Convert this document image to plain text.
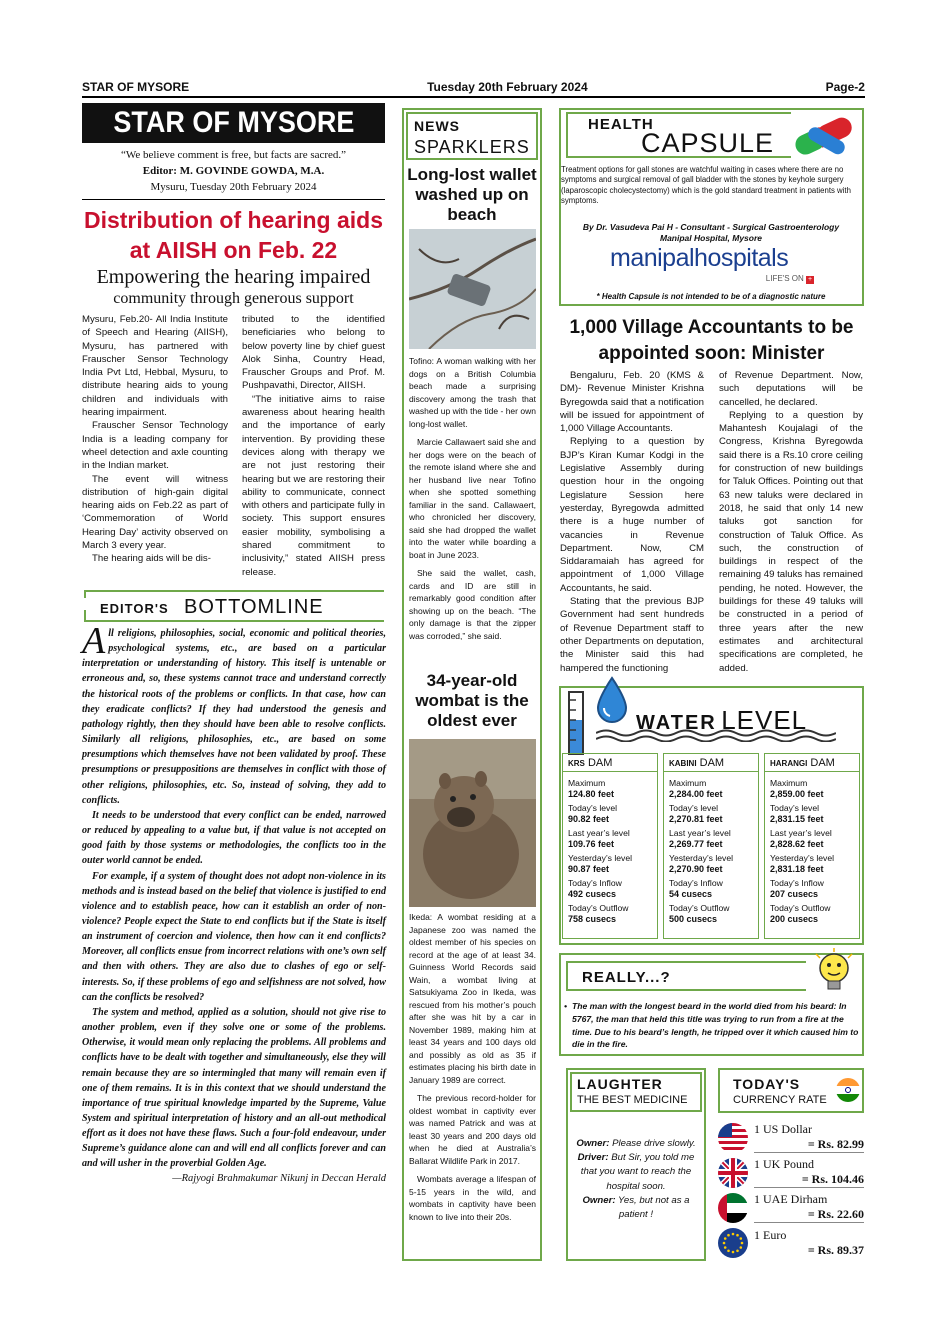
STAR OF MYSORE	Tuesday 20th February 2024	Page-2
STAR OF MYSORE
“We believe comment is free, but facts are sacred.”
Editor: M. GOVINDE GOWDA, M.A.
Mysuru, Tuesday 20th February 2024
Distribution of hearing aids
at AIISH on Feb. 22
Empowering the hearing impaired
community through generous support

Mysuru, Feb.20- All India Institute of Speech and Hearing (AIISH), Mysuru, has partnered with Frauscher Sensor Technology India Pvt Ltd, Hebbal, Mysuru, to distribute hearing aids to young children and individuals with hearing impairment.

Frauscher Sensor Technology India is a leading company for wheel detection and axle counting in the Indian market.

The event will witness distribution of high-gain digital hearing aids on Feb.22 as part of ‘Commemoration of World Hearing Day’ activity observed on March 3 every year.

The hearing aids will be dis-

tributed to the identified beneficiaries who belong to below poverty line by chief guest Alok Sinha, Country Head, Frauscher Groups and Prof. M. Pushpavathi, Director, AIISH.

“The initiative aims to raise awareness about hearing health and the importance of early intervention. By providing these devices along with therapy we are not just restoring their hearing but we are restoring their ability to communicate, connect with others and participate fully in society. This support ensures easier mobility, symbolising a shared commitment to inclusivity,” stated AIISH press release.

EDITOR'S BOTTOMLINE

All religions, philosophies, social, economic and political theories, psychological systems, etc., are based on a particular interpretation or understanding of history. This itself is untenable or erroneous and, so, these systems cannot trace and understand correctly the historical roots of the problems or conflicts. In that case, how can they eradicate conflicts? If they had understood the genesis and pathology rightly, then they should have been able to resolve conflicts. Similarly all religions, philosophies, etc., are based on some presumptions which themselves have not been validated by proof. These presumptions or presuppositions are themselves in conflict with those of other religions, philosophies, etc. So, instead of solving, they add to conflicts.

It needs to be understood that every conflict can be ended, narrowed or reduced by appealing to a value but, if that value is not accepted on good faith by those systems or methodologies, the conflicts too in the outer world cannot be ended.

For example, if a system of thought does not adopt non-violence in its methods and is instead based on the belief that violence is justified to end violence and to establish peace, how can it establish an order of non-violence? People expect the State to end conflicts but if the State is itself an instrument of coercion and violence, then how can it end conflicts? Moreover, all conflicts ensue from incorrect relations with one’s own self and then with others. They are also due to clashes of ego or self-interests. So, if these problems of ego and selfishness are not solved, how can the conflicts be resolved?

The system and method, applied as a solution, should not give rise to another problem, even if they solve one or some of the problems. Otherwise, it would mean only replacing the problems. All problems and conflicts have to be dealt with together and simultaneously, else they will remain because they are so intermingled that many will remain even if one of them remains. It is in this context that we should understand the importance of true spiritual knowledge imparted by the Supreme, Value System and spiritual interpretation of history and an all-out methodical effort as it does not have these flaws. Such a four-fold endeavour, under Supreme’s guidance alone can and will end all conflicts forever and can and will usher in the proverbial Golden Age.

—Rajyogi Brahmakumar Nikunj in Deccan Herald
NEWS
SPARKLERS
Long-lost wallet washed up on beach

Tofino: A woman walking with her dogs on a British Columbia beach made a surprising discovery among the trash that washed up with the tide - her own long-lost wallet.

Marcie Callawaert said she and her dogs were on the beach of the remote island where she and her husband live near Tofino when she spotted something familiar in the sand. Callawaert, who chronicled her discovery, said she had dropped the wallet into the water while boarding a boat in June 2023.

She said the wallet, cash, cards and ID are still in remarkably good condition after showing up on the beach. “The only damage is that the zipper was corroded,” she said.

34-year-old wombat is the oldest ever

Ikeda: A wombat residing at a Japanese zoo was named the oldest member of his species on record at the age of at least 34. Guinness World Records said Wain, a wombat living at Satsukiyama Zoo in Ikeda, was rescued from his mother’s pouch after she was hit by a car in November 1989, making him at least 34 years and 100 days old and possibly as old as 35 if estimates placing his birth date in January 1989 are correct.

The previous record-holder for oldest wombat in captivity ever was named Patrick and was at least 30 years and 200 days old when he died at Australia’s Ballarat Wildlife Park in 2017.

Wombats average a lifespan of 5-15 years in the wild, and wombats in captivity have been known to live into their 20s.

HEALTH
CAPSULE
Treatment options for gall stones are watchful waiting in cases where there are no symptoms and surgical removal of gall bladder with the stones by keyhole surgery (laparoscopic cholecystectomy) which is the gold standard treatment in patients with symptoms.
By Dr. Vasudeva Pai H - Consultant - Surgical Gastroenterology
Manipal Hospital, Mysore
manipalhospitals
LIFE'S ON +
* Health Capsule is not intended to be of a diagnostic nature
1,000 Village Accountants to be appointed soon: Minister

Bengaluru, Feb. 20 (KMS & DM)- Revenue Minister Krishna Byregowda said that a notification will be issued for appointment of 1,000 Village Accountants.

Replying to a question by BJP’s Kiran Kumar Kodgi in the Legislative Assembly during question hour in the ongoing Legislature Session here yesterday, Byregowda admitted there is a huge number of vacancies in Revenue Department. Now, CM Siddaramaiah has agreed for appointment of 1,000 Village Accountants, he said.

Stating that the previous BJP Government had sent hundreds of Revenue Department staff to other Departments on deputation, the Minister said this had hampered the functioning

of Revenue Department. Now, such deputations will be cancelled, he declared.

Replying to a question by Mahantesh Koujalagi of the Congress, Krishna Byregowda said there is a Rs.10 crore ceiling for construction of new buildings for Taluk Offices. Pointing out that 63 new taluks were declared in 2018, he said that only 14 new taluks got sanction for construction of Taluk Office. As such, the construction of buildings in respect of the remaining 49 taluks has remained pending, he noted. However, the buildings for these 49 taluks will be constructed in a period of three years after the new estimates and architectural specifications are completed, he added.

WATER LEVEL
KRS DAM
Maximum
124.80 feet
Today’s level
90.82 feet
Last year’s level
109.76 feet
Yesterday’s level
90.87 feet
Today’s Inflow
492 cusecs
Today’s Outflow
758 cusecs
KABINI DAM
Maximum
2,284.00 feet
Today’s level
2,270.81 feet
Last year’s level
2,269.77 feet
Yesterday’s level
2,270.90 feet
Today’s Inflow
54 cusecs
Today’s Outflow
500 cusecs
HARANGI DAM
Maximum
2,859.00 feet
Today’s level
2,831.15 feet
Last year’s level
2,828.62 feet
Yesterday’s level
2,831.18 feet
Today’s Inflow
207 cusecs
Today’s Outflow
200 cusecs
REALLY...?
• The man with the longest beard in the world died from his beard: In 5767, the man that held this title was trying to run from a fire at the time. Due to his beard’s length, he tripped over it which caused him to die in the fire.
LAUGHTER
THE BEST MEDICINE

Owner: Please drive slowly.

Driver: But Sir, you told me that you want to reach the hospital soon.

Owner: Yes, but not as a patient !

TODAY'S
CURRENCY RATE
1 US Dollar
= Rs. 82.99
1 UK Pound
= Rs. 104.46
1 UAE Dirham
= Rs. 22.60
1 Euro
= Rs. 89.37
